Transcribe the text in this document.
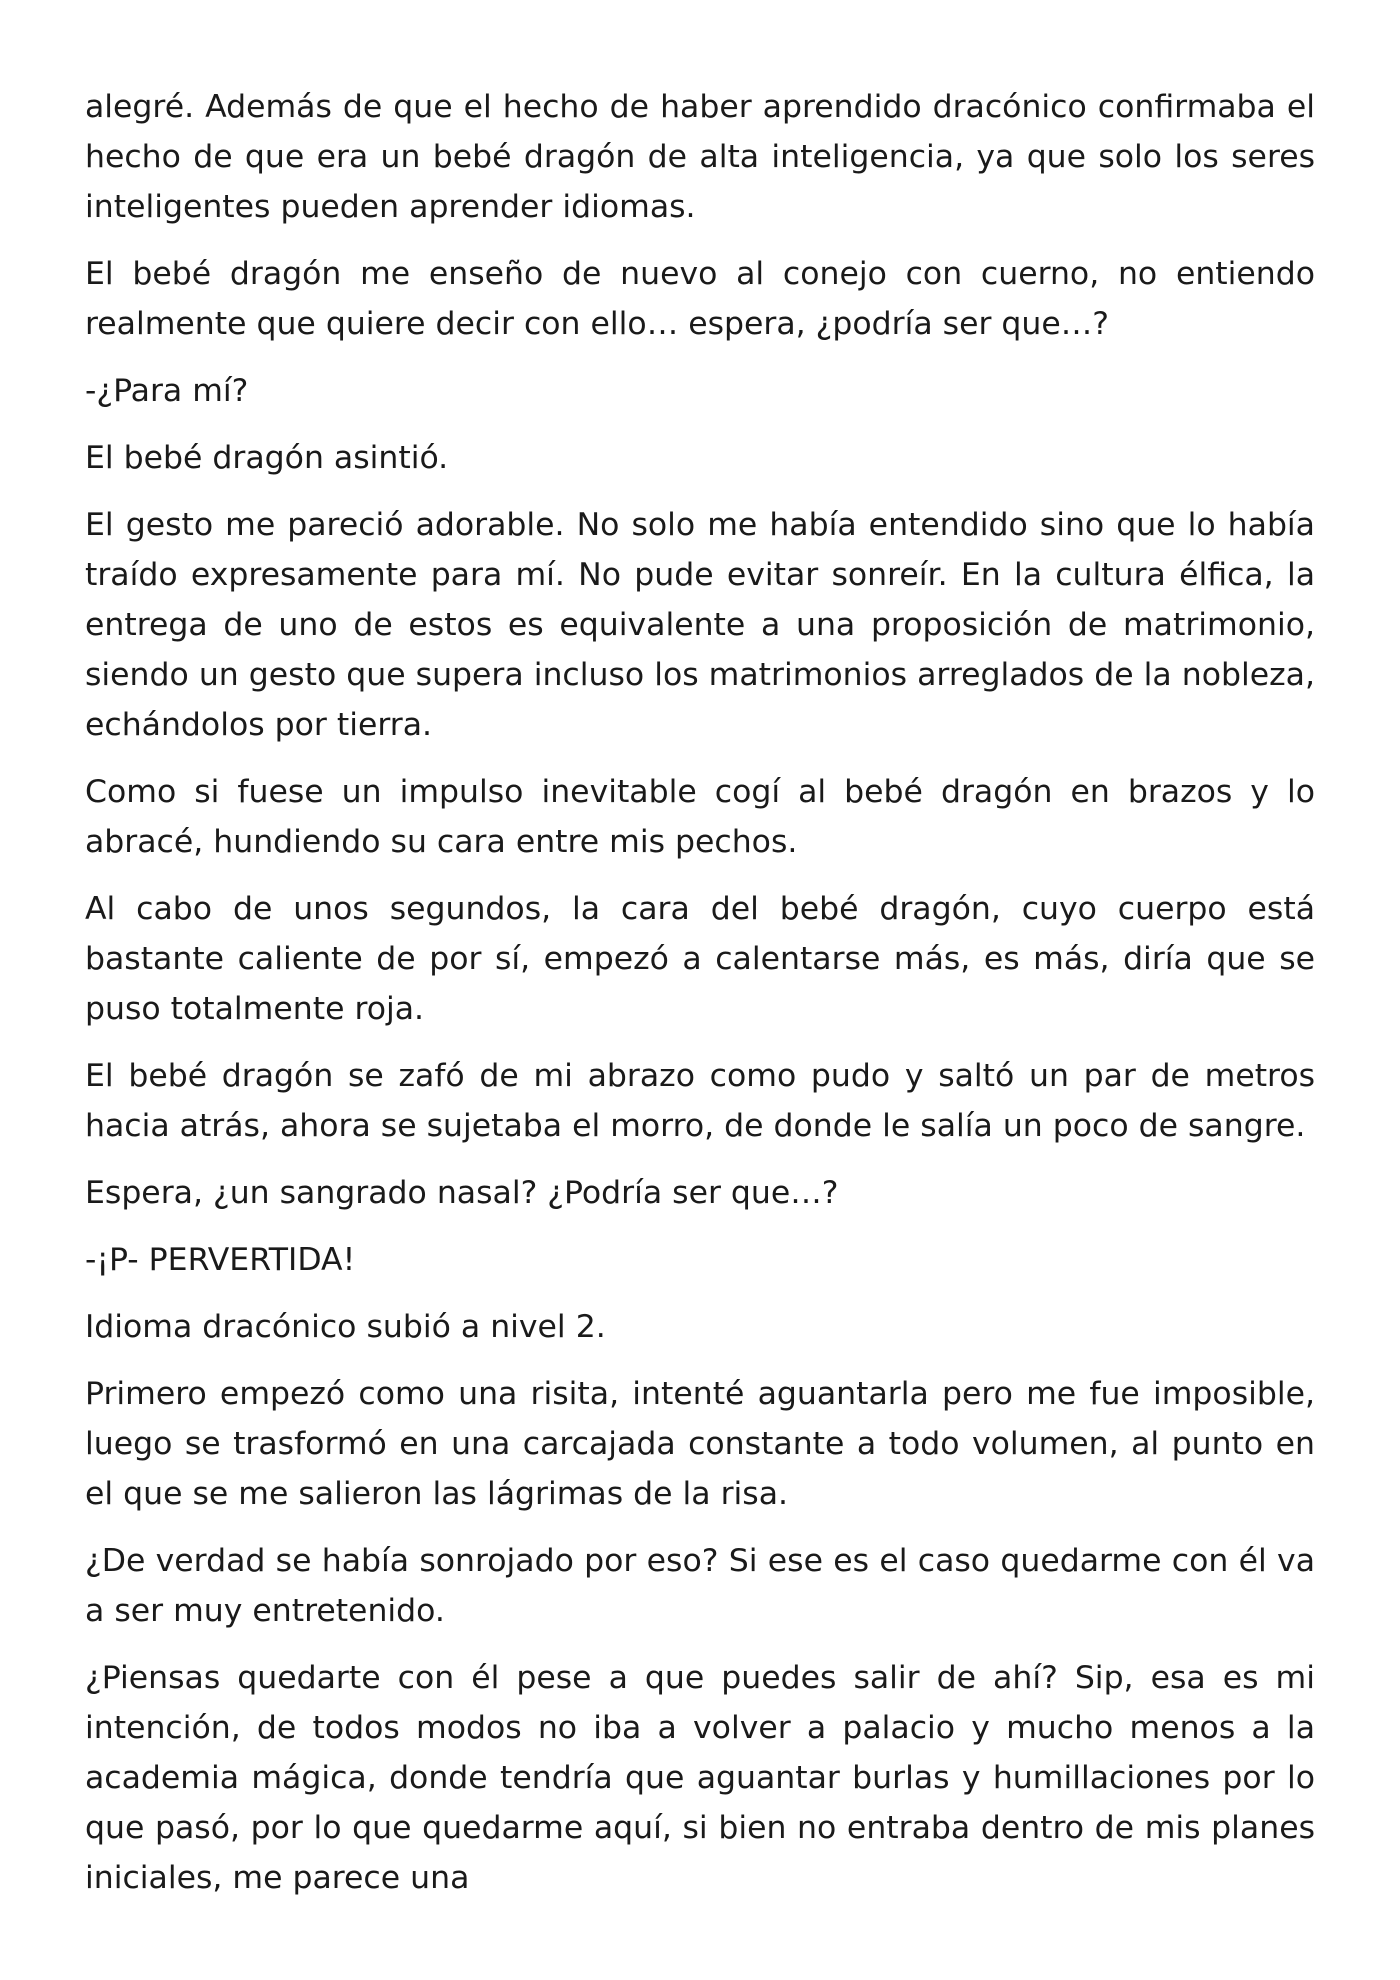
alegré. Además de que el hecho de haber aprendido dracónico confirmaba el hecho de que era un bebé dragón de alta inteligencia, ya que solo los seres inteligentes pueden aprender idiomas.

El bebé dragón me enseño de nuevo al conejo con cuerno, no entiendo realmente que quiere decir con ello… espera, ¿podría ser que…?

-¿Para mí?

El bebé dragón asintió.

El gesto me pareció adorable. No solo me había entendido sino que lo había traído expresamente para mí. No pude evitar sonreír. En la cultura élfica, la entrega de uno de estos es equivalente a una proposición de matrimonio, siendo un gesto que supera incluso los matrimonios arreglados de la nobleza, echándolos por tierra.

Como si fuese un impulso inevitable cogí al bebé dragón en brazos y lo abracé, hundiendo su cara entre mis pechos.

Al cabo de unos segundos, la cara del bebé dragón, cuyo cuerpo está bastante caliente de por sí, empezó a calentarse más, es más, diría que se puso totalmente roja.

El bebé dragón se zafó de mi abrazo como pudo y saltó un par de metros hacia atrás, ahora se sujetaba el morro, de donde le salía un poco de sangre.

Espera, ¿un sangrado nasal? ¿Podría ser que…?

-¡P- PERVERTIDA!

Idioma dracónico subió a nivel 2.

Primero empezó como una risita, intenté aguantarla pero me fue imposible, luego se trasformó en una carcajada constante a todo volumen, al punto en el que se me salieron las lágrimas de la risa.

¿De verdad se había sonrojado por eso? Si ese es el caso quedarme con él va a ser muy entretenido.

¿Piensas quedarte con él pese a que puedes salir de ahí? Sip, esa es mi intención, de todos modos no iba a volver a palacio y mucho menos a la academia mágica, donde tendría que aguantar burlas y humillaciones por lo que pasó, por lo que quedarme aquí, si bien no entraba dentro de mis planes iniciales, me parece una
